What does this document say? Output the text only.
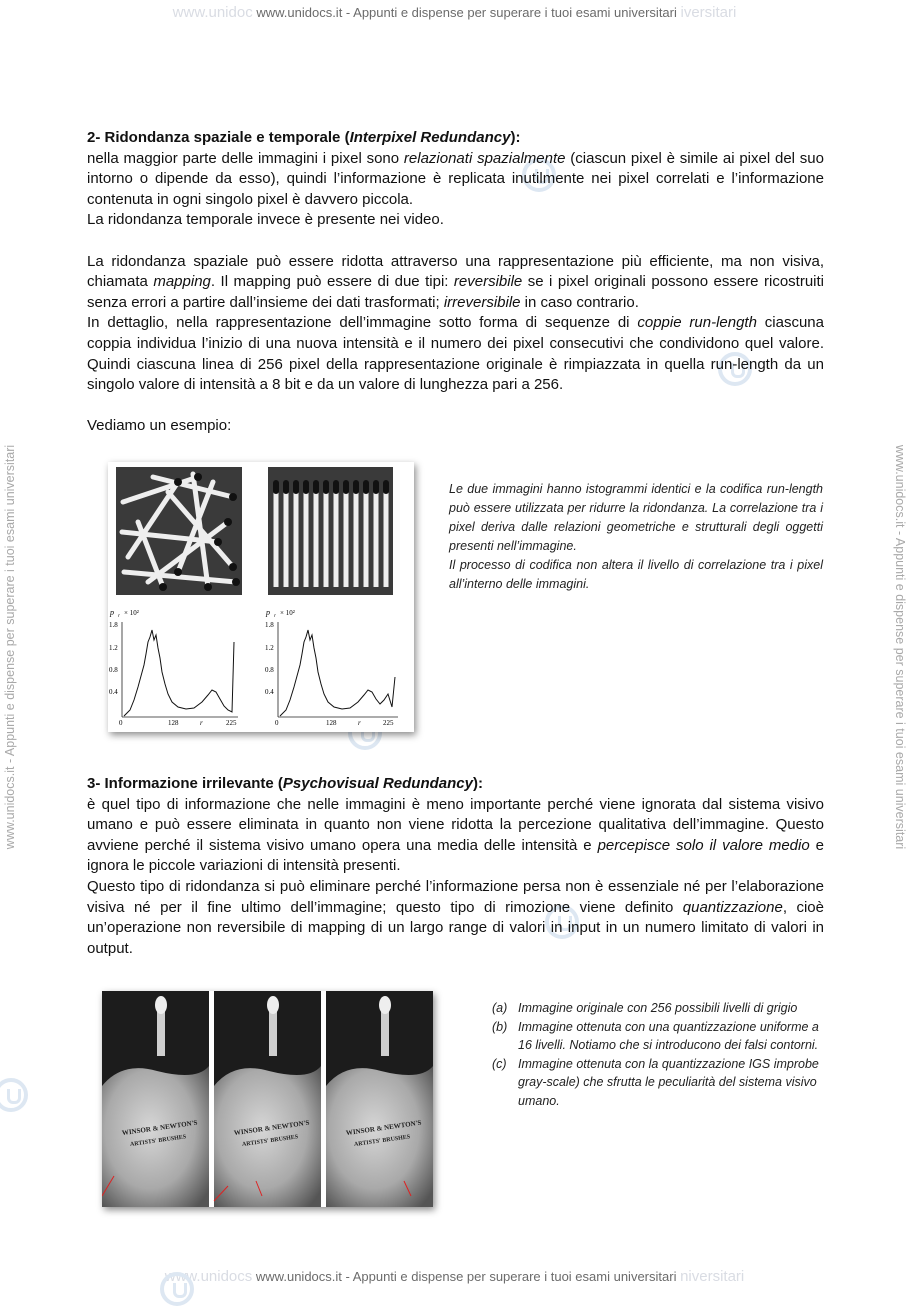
www.unidoc www.unidocs.it - Appunti e dispense per superare i tuoi esami universitari iversitari
www.unidocs www.unidocs.it - Appunti e dispense per superare i tuoi esami universitari niversitari
www.unidocs.it - Appunti e dispense per superare i tuoi esami universitari	www.unidocs.it - Appunti e dispense per superare i tuoi esami universitari
2- Ridondanza spaziale e temporale (Interpixel Redundancy):

nella maggior parte delle immagini i pixel sono relazionati spazialmente (ciascun pixel è simile ai pixel del suo intorno o dipende da esso), quindi l’informazione è replicata inutilmente nei pixel correlati e l’informazione contenuta in ogni singolo pixel è davvero piccola.

La ridondanza temporale invece è presente nei video.

La ridondanza spaziale può essere ridotta attraverso una rappresentazione più efficiente, ma non visiva, chiamata mapping. Il mapping può essere di due tipi: reversibile se i pixel originali possono essere ricostruiti senza errori a partire dall’insieme dei dati trasformati; irreversibile in caso contrario.

In dettaglio, nella rappresentazione dell’immagine sotto forma di sequenze di coppie run-length ciascuna coppia individua l’inizio di una nuova intensità e il numero dei pixel consecutivi che condividono quel valore. Quindi ciascuna linea di 256 pixel della rappresentazione originale è rimpiazzata in quella run-length da un singolo valore di intensità a 8 bit e da un valore di lunghezza pari a 256.

Vediamo un esempio:

p r × 10²
1.8
1.2
0.8
0.4
0	128	r	225
p r × 10²
1.8
1.2
0.8
0.4
0	128	r	225

Le due immagini hanno istogrammi identici e la codifica run-length può essere utilizzata per ridurre la ridondanza. La correlazione tra i pixel deriva dalle relazioni geometriche e strutturali degli oggetti presenti nell’immagine.

Il processo di codifica non altera il livello di correlazione tra i pixel all’interno delle immagini.

3- Informazione irrilevante (Psychovisual Redundancy):

è quel tipo di informazione che nelle immagini è meno importante perché viene ignorata dal sistema visivo umano e può essere eliminata in quanto non viene ridotta la percezione qualitativa dell’immagine. Questo avviene perché il sistema visivo umano opera una media delle intensità e percepisce solo il valore medio e ignora le piccole variazioni di intensità presenti.

Questo tipo di ridondanza si può eliminare perché l’informazione persa non è essenziale né per l’elaborazione visiva né per il fine ultimo dell’immagine; questo tipo di rimozione viene definito quantizzazione, cioè un’operazione non reversibile di mapping di un largo range di valori in input in un numero limitato di valori in output.

WINSOR & NEWTON'S
ARTISTS' BRUSHES
WINSOR & NEWTON'S
ARTISTS' BRUSHES
WINSOR & NEWTON'S
ARTISTS' BRUSHES
(a) Immagine originale con 256 possibili livelli di grigio
(b) Immagine ottenuta con una quantizzazione uniforme a 16 livelli. Notiamo che si introducono dei falsi contorni.
(c) Immagine ottenuta con la quantizzazione IGS improbe gray-scale) che sfrutta le peculiarità del sistema visivo umano.
